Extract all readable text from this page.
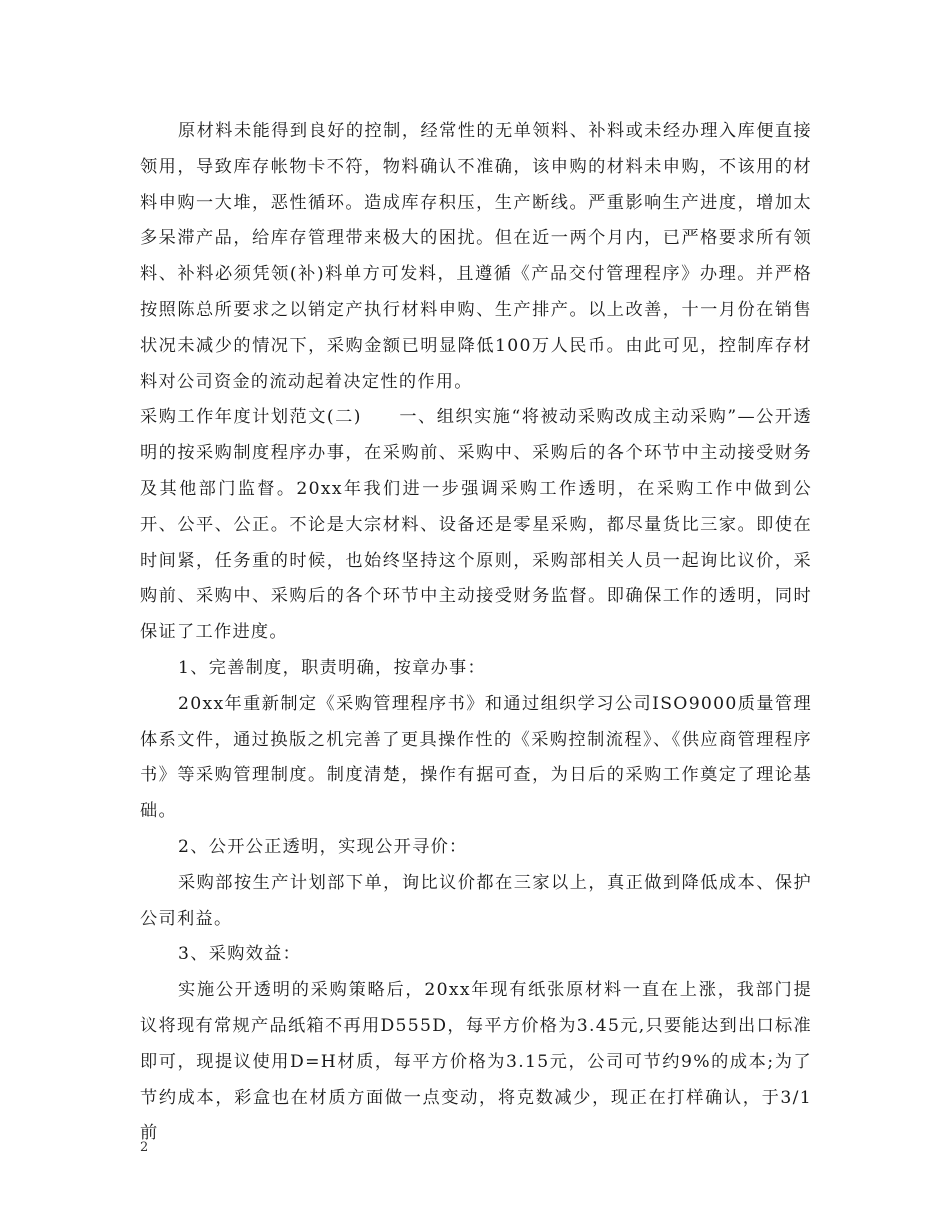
原材料未能得到良好的控制，经常性的无单领料、补料或未经办理入库便直接领用，导致库存帐物卡不符，物料确认不准确，该申购的材料未申购，不该用的材料申购一大堆，恶性循环。造成库存积压，生产断线。严重影响生产进度，增加太多呆滞产品，给库存管理带来极大的困扰。但在近一两个月内，已严格要求所有领料、补料必须凭领(补)料单方可发料，且遵循《产品交付管理程序》办理。并严格按照陈总所要求之以销定产执行材料申购、生产排产。以上改善，十一月份在销售状况未减少的情况下，采购金额已明显降低100万人民币。由此可见，控制库存材料对公司资金的流动起着决定性的作用。

采购工作年度计划范文(二)　　一、组织实施“将被动采购改成主动采购”—公开透明的按采购制度程序办事，在采购前、采购中、采购后的各个环节中主动接受财务及其他部门监督。20xx年我们进一步强调采购工作透明，在采购工作中做到公开、公平、公正。不论是大宗材料、设备还是零星采购，都尽量货比三家。即使在时间紧，任务重的时候，也始终坚持这个原则，采购部相关人员一起询比议价，采购前、采购中、采购后的各个环节中主动接受财务监督。即确保工作的透明，同时保证了工作进度。

1、完善制度，职责明确，按章办事：

20xx年重新制定《采购管理程序书》和通过组织学习公司ISO9000质量管理体系文件，通过换版之机完善了更具操作性的《采购控制流程》、《供应商管理程序书》等采购管理制度。制度清楚，操作有据可查，为日后的采购工作奠定了理论基础。

2、公开公正透明，实现公开寻价：

采购部按生产计划部下单，询比议价都在三家以上，真正做到降低成本、保护公司利益。

3、采购效益：

实施公开透明的采购策略后，20xx年现有纸张原材料一直在上涨，我部门提议将现有常规产品纸箱不再用D555D，每平方价格为3.45元,只要能达到出口标准即可，现提议使用D=H材质，每平方价格为3.15元，公司可节约9%的成本;为了节约成本，彩盒也在材质方面做一点变动，将克数减少，现正在打样确认，于3/1前

2
